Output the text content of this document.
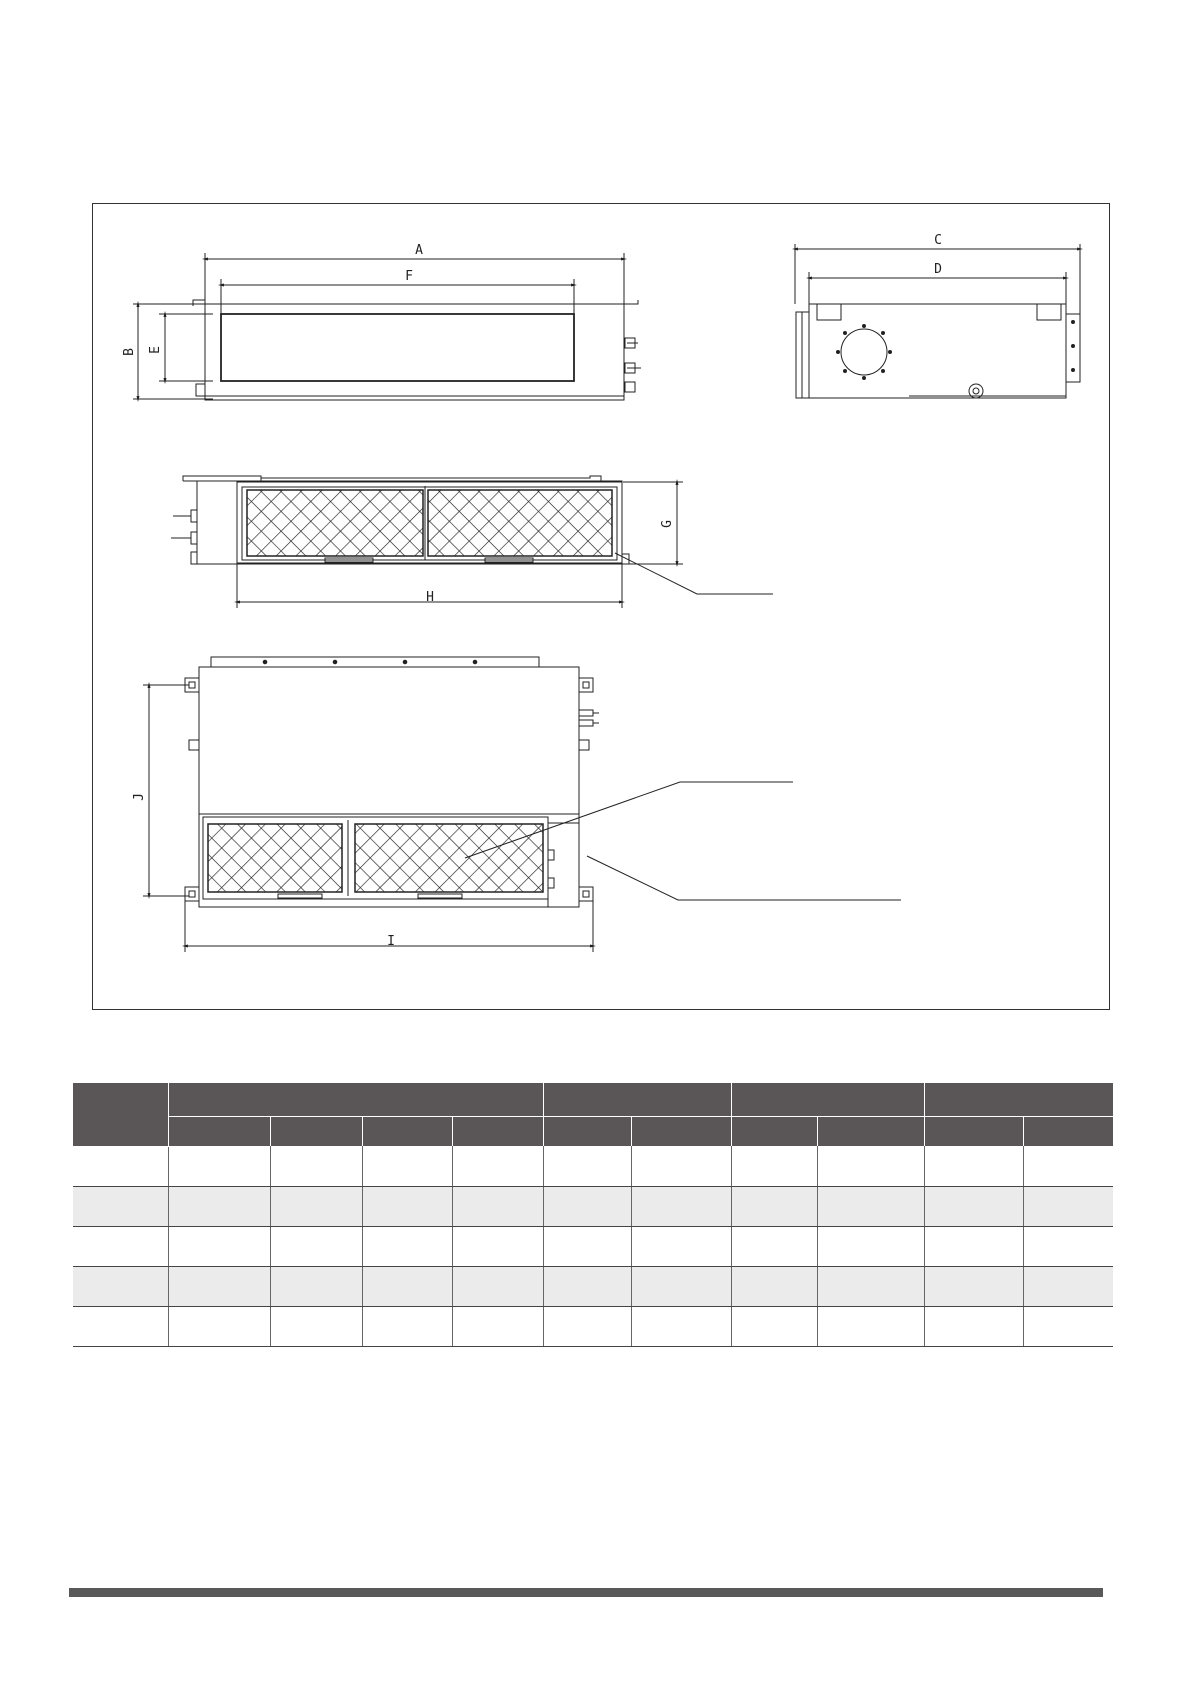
A
F
B E
C
D
G
H
J
I
